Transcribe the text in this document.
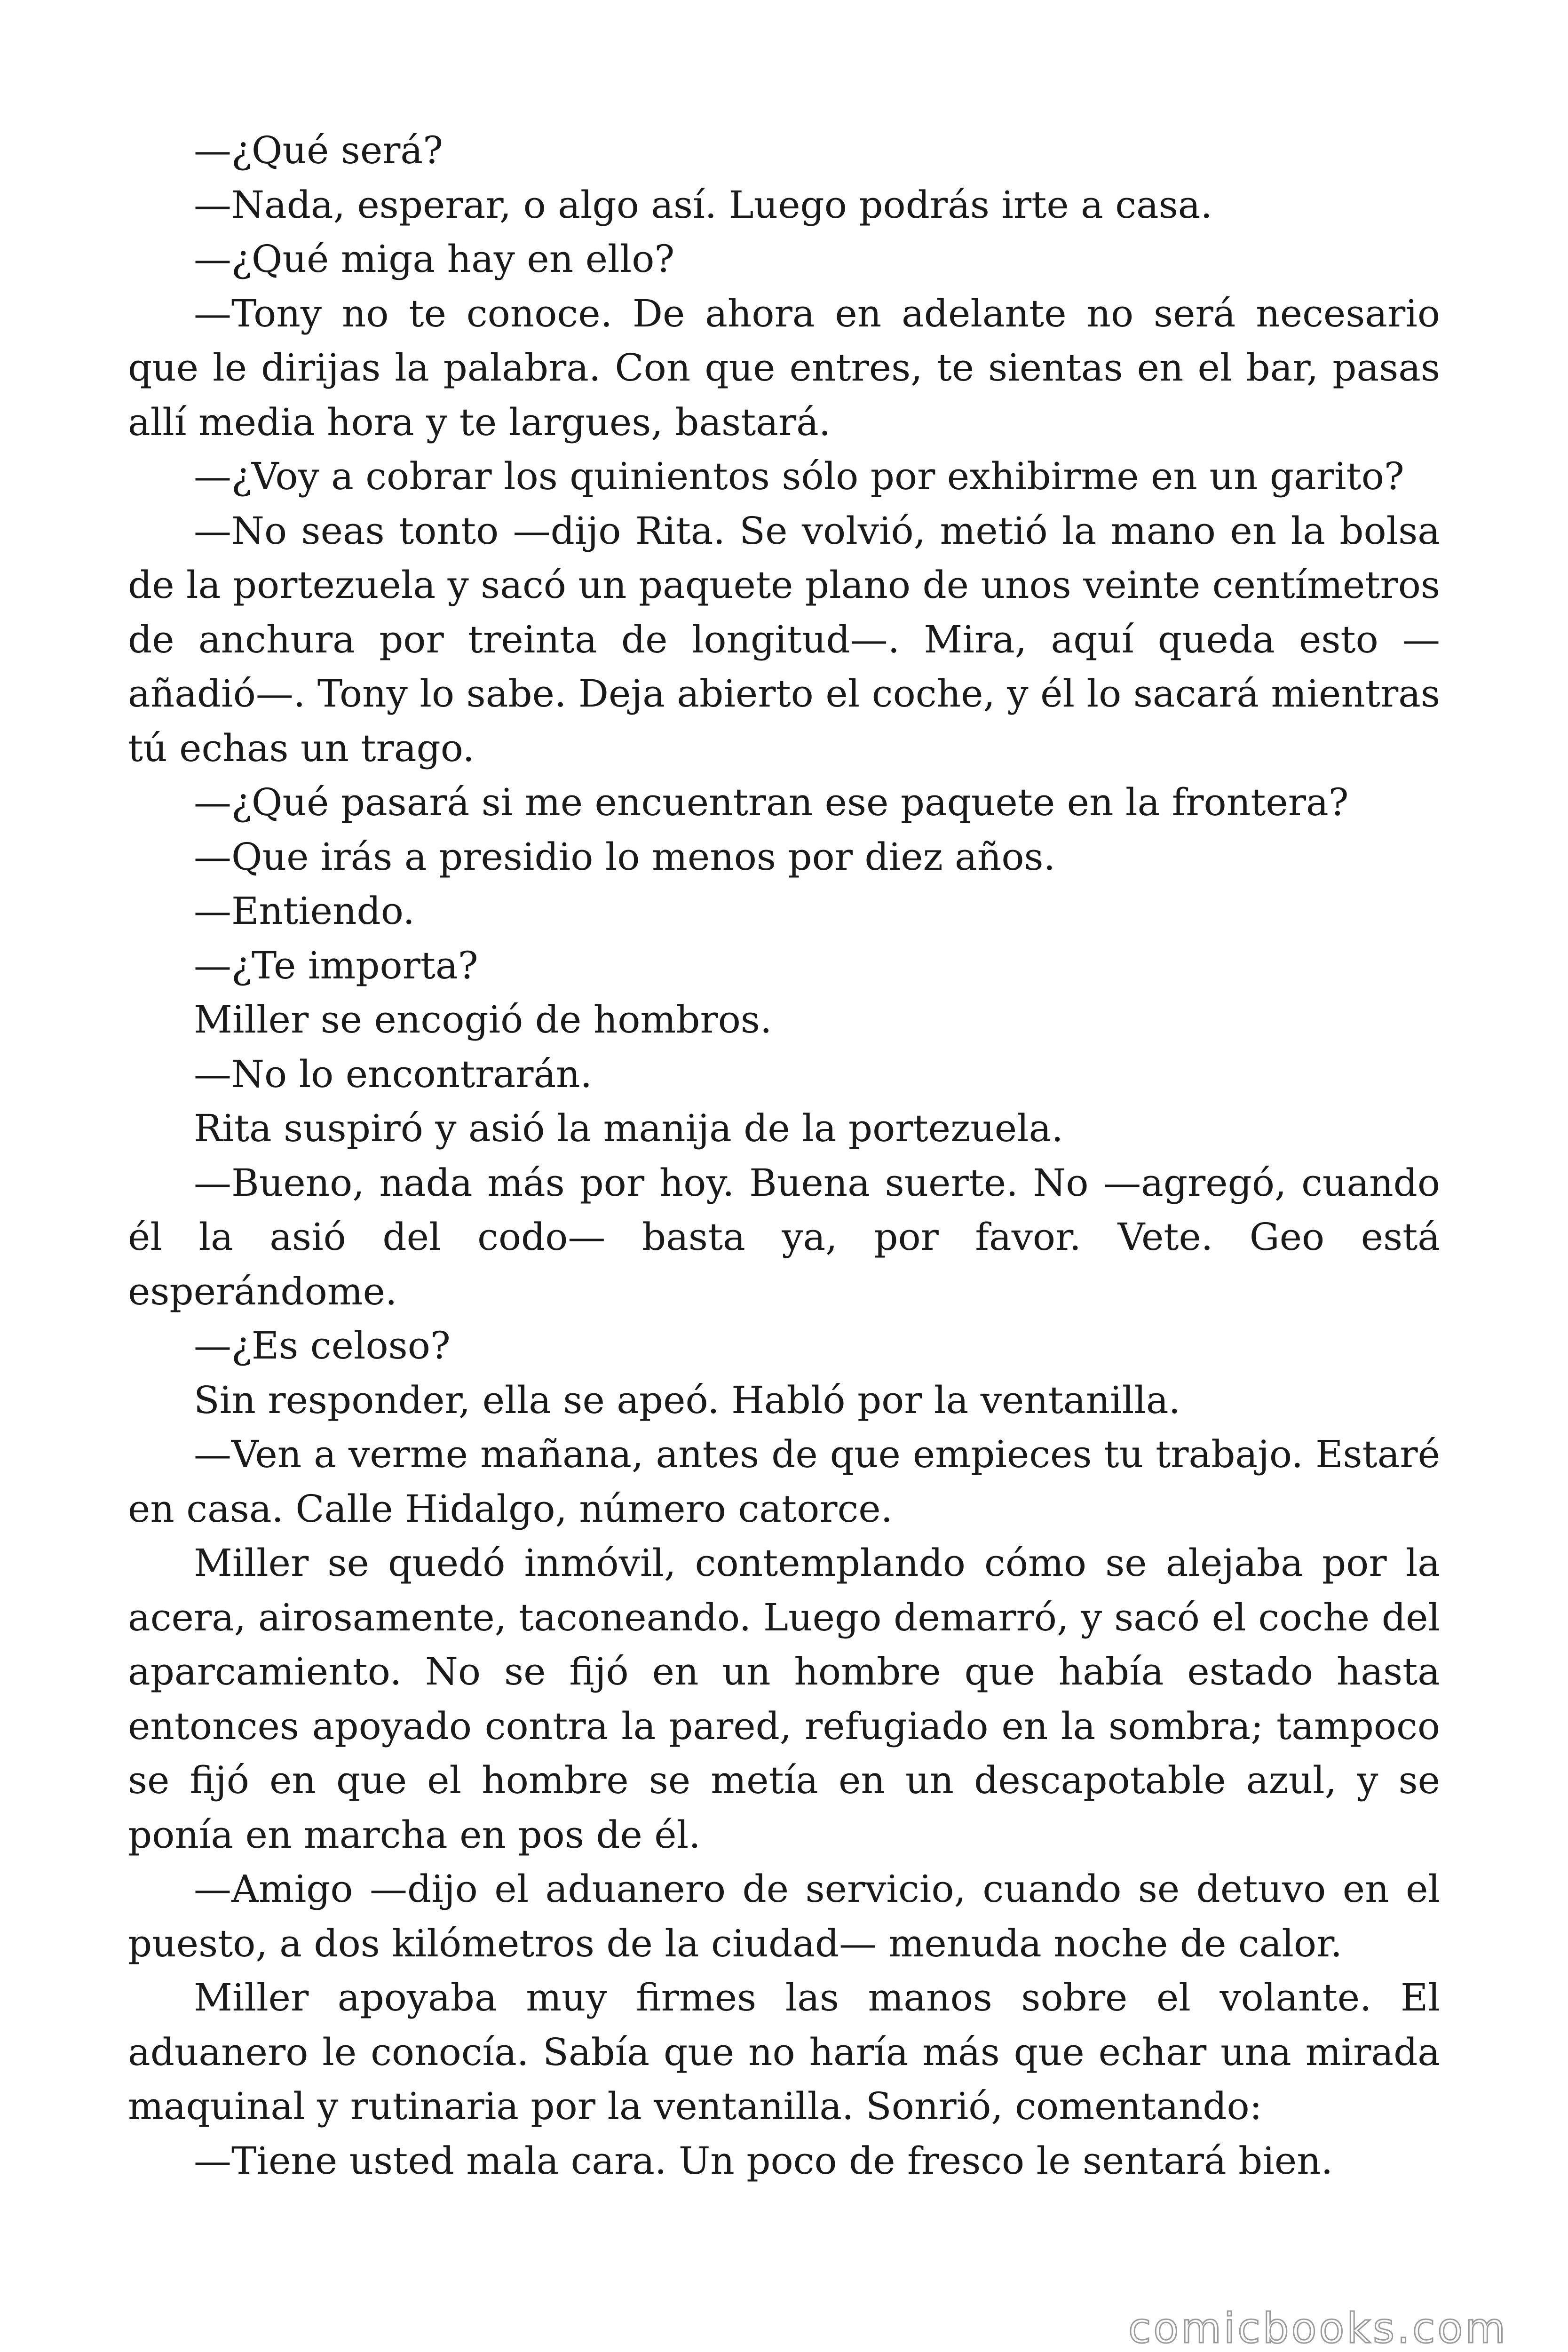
—¿Qué será?

—Nada, esperar, o algo así. Luego podrás irte a casa.

—¿Qué miga hay en ello?

—Tony no te conoce. De ahora en adelante no será necesario que le dirijas la palabra. Con que entres, te sientas en el bar, pasas allí media hora y te largues, bastará.

—¿Voy a cobrar los quinientos sólo por exhibirme en un garito?

—No seas tonto —dijo Rita. Se volvió, metió la mano en la bolsa de la portezuela y sacó un paquete plano de unos veinte centímetros de anchura por treinta de longitud—. Mira, aquí queda esto —añadió—. Tony lo sabe. Deja abierto el coche, y él lo sacará mientras tú echas un trago.

—¿Qué pasará si me encuentran ese paquete en la frontera?

—Que irás a presidio lo menos por diez años.

—Entiendo.

—¿Te importa?

Miller se encogió de hombros.

—No lo encontrarán.

Rita suspiró y asió la manija de la portezuela.

—Bueno, nada más por hoy. Buena suerte. No —agregó, cuando él la asió del codo— basta ya, por favor. Vete. Geo está esperándome.

—¿Es celoso?

Sin responder, ella se apeó. Habló por la ventanilla.

—Ven a verme mañana, antes de que empieces tu trabajo. Estaré en casa. Calle Hidalgo, número catorce.

Miller se quedó inmóvil, contemplando cómo se alejaba por la acera, airosamente, taconeando. Luego demarró, y sacó el coche del aparcamiento. No se fijó en un hombre que había estado hasta entonces apoyado contra la pared, refugiado en la sombra; tampoco se fijó en que el hombre se metía en un descapotable azul, y se ponía en marcha en pos de él.

—Amigo —dijo el aduanero de servicio, cuando se detuvo en el puesto, a dos kilómetros de la ciudad— menuda noche de calor.

Miller apoyaba muy firmes las manos sobre el volante. El aduanero le conocía. Sabía que no haría más que echar una mirada maquinal y rutinaria por la ventanilla. Sonrió, comentando:

—Tiene usted mala cara. Un poco de fresco le sentará bien.

comicbooks.com
